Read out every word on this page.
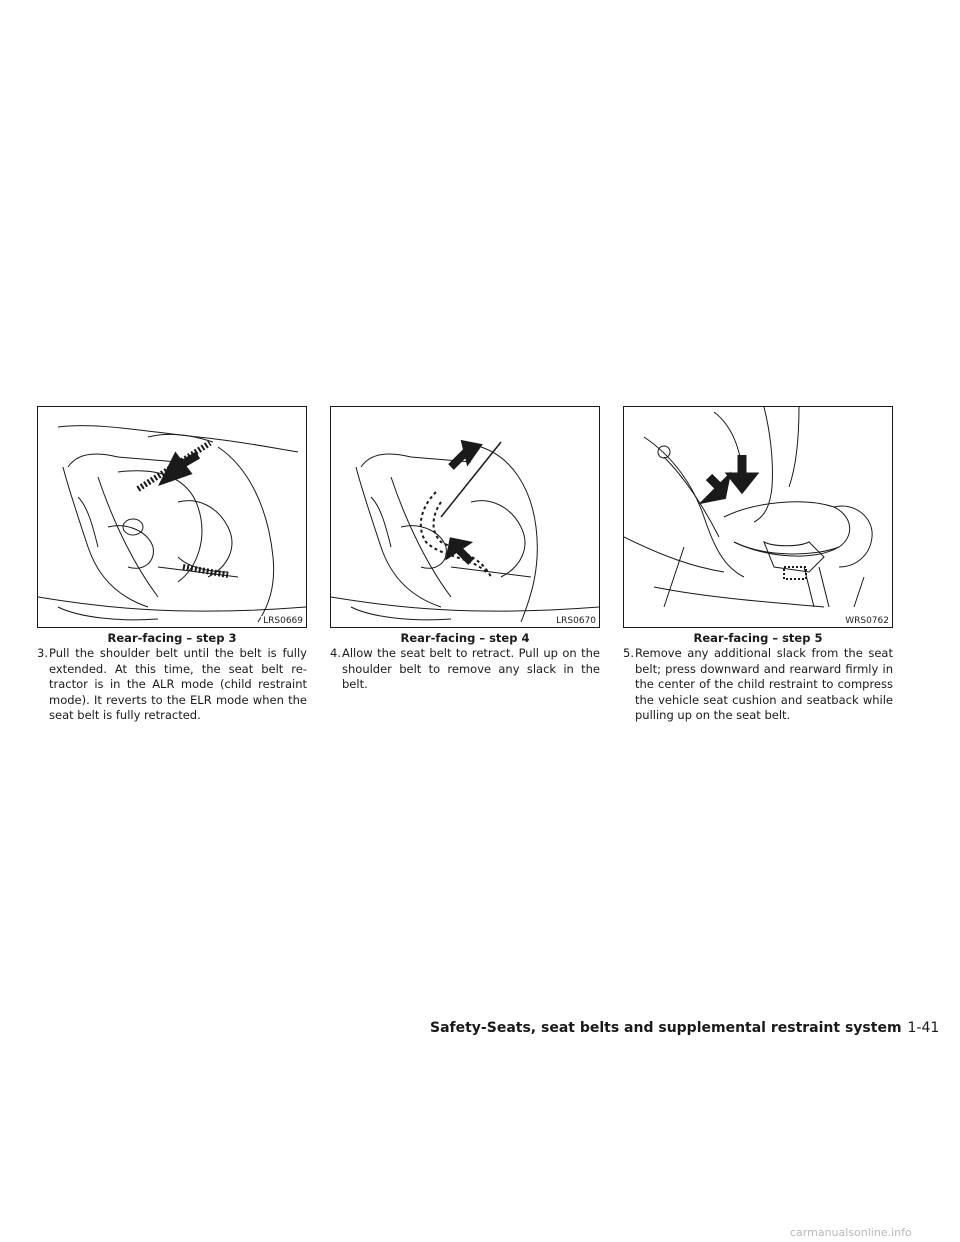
LRS0669
Rear-facing – step 3
3. Pull the shoulder belt until the belt is fully extended. At this time, the seat belt re-tractor is in the ALR mode (child restraint mode). It reverts to the ELR mode when the seat belt is fully retracted.
LRS0670
Rear-facing – step 4
4. Allow the seat belt to retract. Pull up on the shoulder belt to remove any slack in the belt.
WRS0762
Rear-facing – step 5
5. Remove any additional slack from the seat belt; press downward and rearward firmly in the center of the child restraint to compress the vehicle seat cushion and seatback while pulling up on the seat belt.
Safety-Seats, seat belts and supplemental restraint system 1-41
carmanualsonline.info
